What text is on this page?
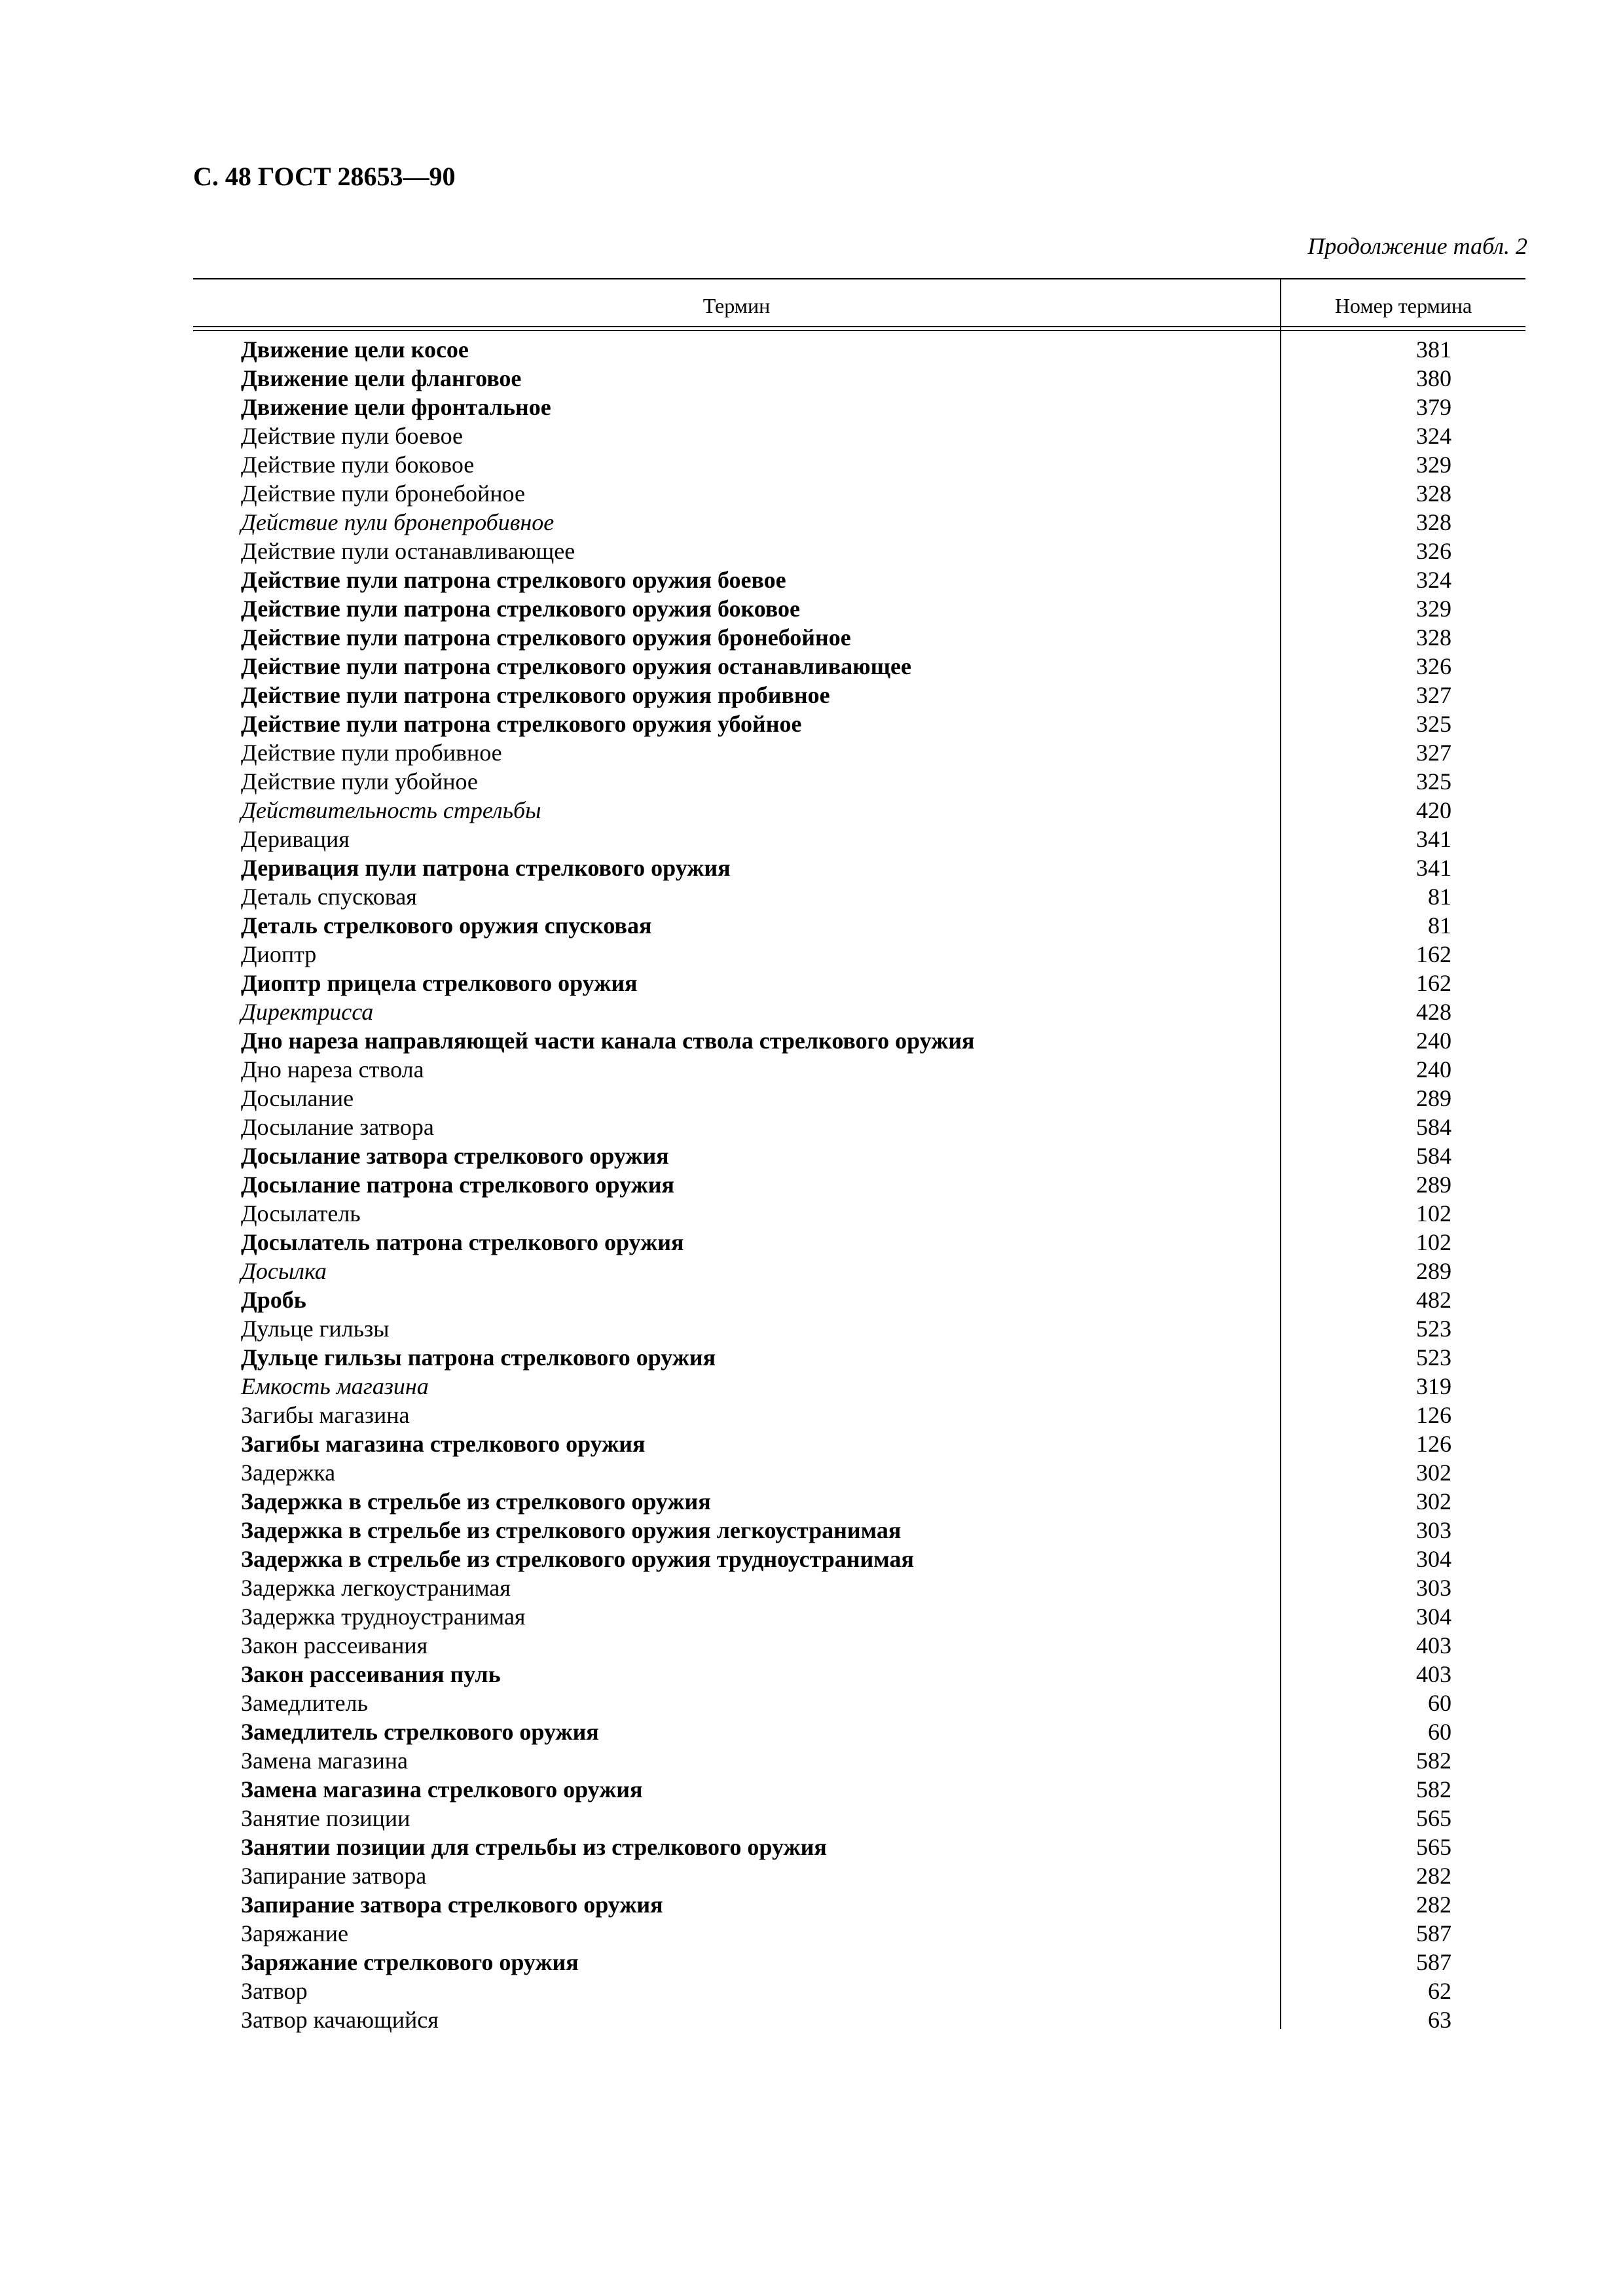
С. 48 ГОСТ 28653—90
Продолжение табл. 2
Термин	Номер термина
Движение цели косое	381
Движение цели фланговое	380
Движение цели фронтальное	379
Действие пули боевое	324
Действие пули боковое	329
Действие пули бронебойное	328
Действие пули бронепробивное	328
Действие пули останавливающее	326
Действие пули патрона стрелкового оружия боевое	324
Действие пули патрона стрелкового оружия боковое	329
Действие пули патрона стрелкового оружия бронебойное	328
Действие пули патрона стрелкового оружия останавливающее	326
Действие пули патрона стрелкового оружия пробивное	327
Действие пули патрона стрелкового оружия убойное	325
Действие пули пробивное	327
Действие пули убойное	325
Действительность стрельбы	420
Деривация	341
Деривация пули патрона стрелкового оружия	341
Деталь спусковая	81
Деталь стрелкового оружия спусковая	81
Диоптр	162
Диоптр прицела стрелкового оружия	162
Директрисса	428
Дно нареза направляющей части канала ствола стрелкового оружия	240
Дно нареза ствола	240
Досылание	289
Досылание затвора	584
Досылание затвора стрелкового оружия	584
Досылание патрона стрелкового оружия	289
Досылатель	102
Досылатель патрона стрелкового оружия	102
Досылка	289
Дробь	482
Дульце гильзы	523
Дульце гильзы патрона стрелкового оружия	523
Емкость магазина	319
Загибы магазина	126
Загибы магазина стрелкового оружия	126
Задержка	302
Задержка в стрельбе из стрелкового оружия	302
Задержка в стрельбе из стрелкового оружия легкоустранимая	303
Задержка в стрельбе из стрелкового оружия трудноустранимая	304
Задержка легкоустранимая	303
Задержка трудноустранимая	304
Закон рассеивания	403
Закон рассеивания пуль	403
Замедлитель	60
Замедлитель стрелкового оружия	60
Замена магазина	582
Замена магазина стрелкового оружия	582
Занятие позиции	565
Занятии позиции для стрельбы из стрелкового оружия	565
Запирание затвора	282
Запирание затвора стрелкового оружия	282
Заряжание	587
Заряжание стрелкового оружия	587
Затвор	62
Затвор качающийся	63
